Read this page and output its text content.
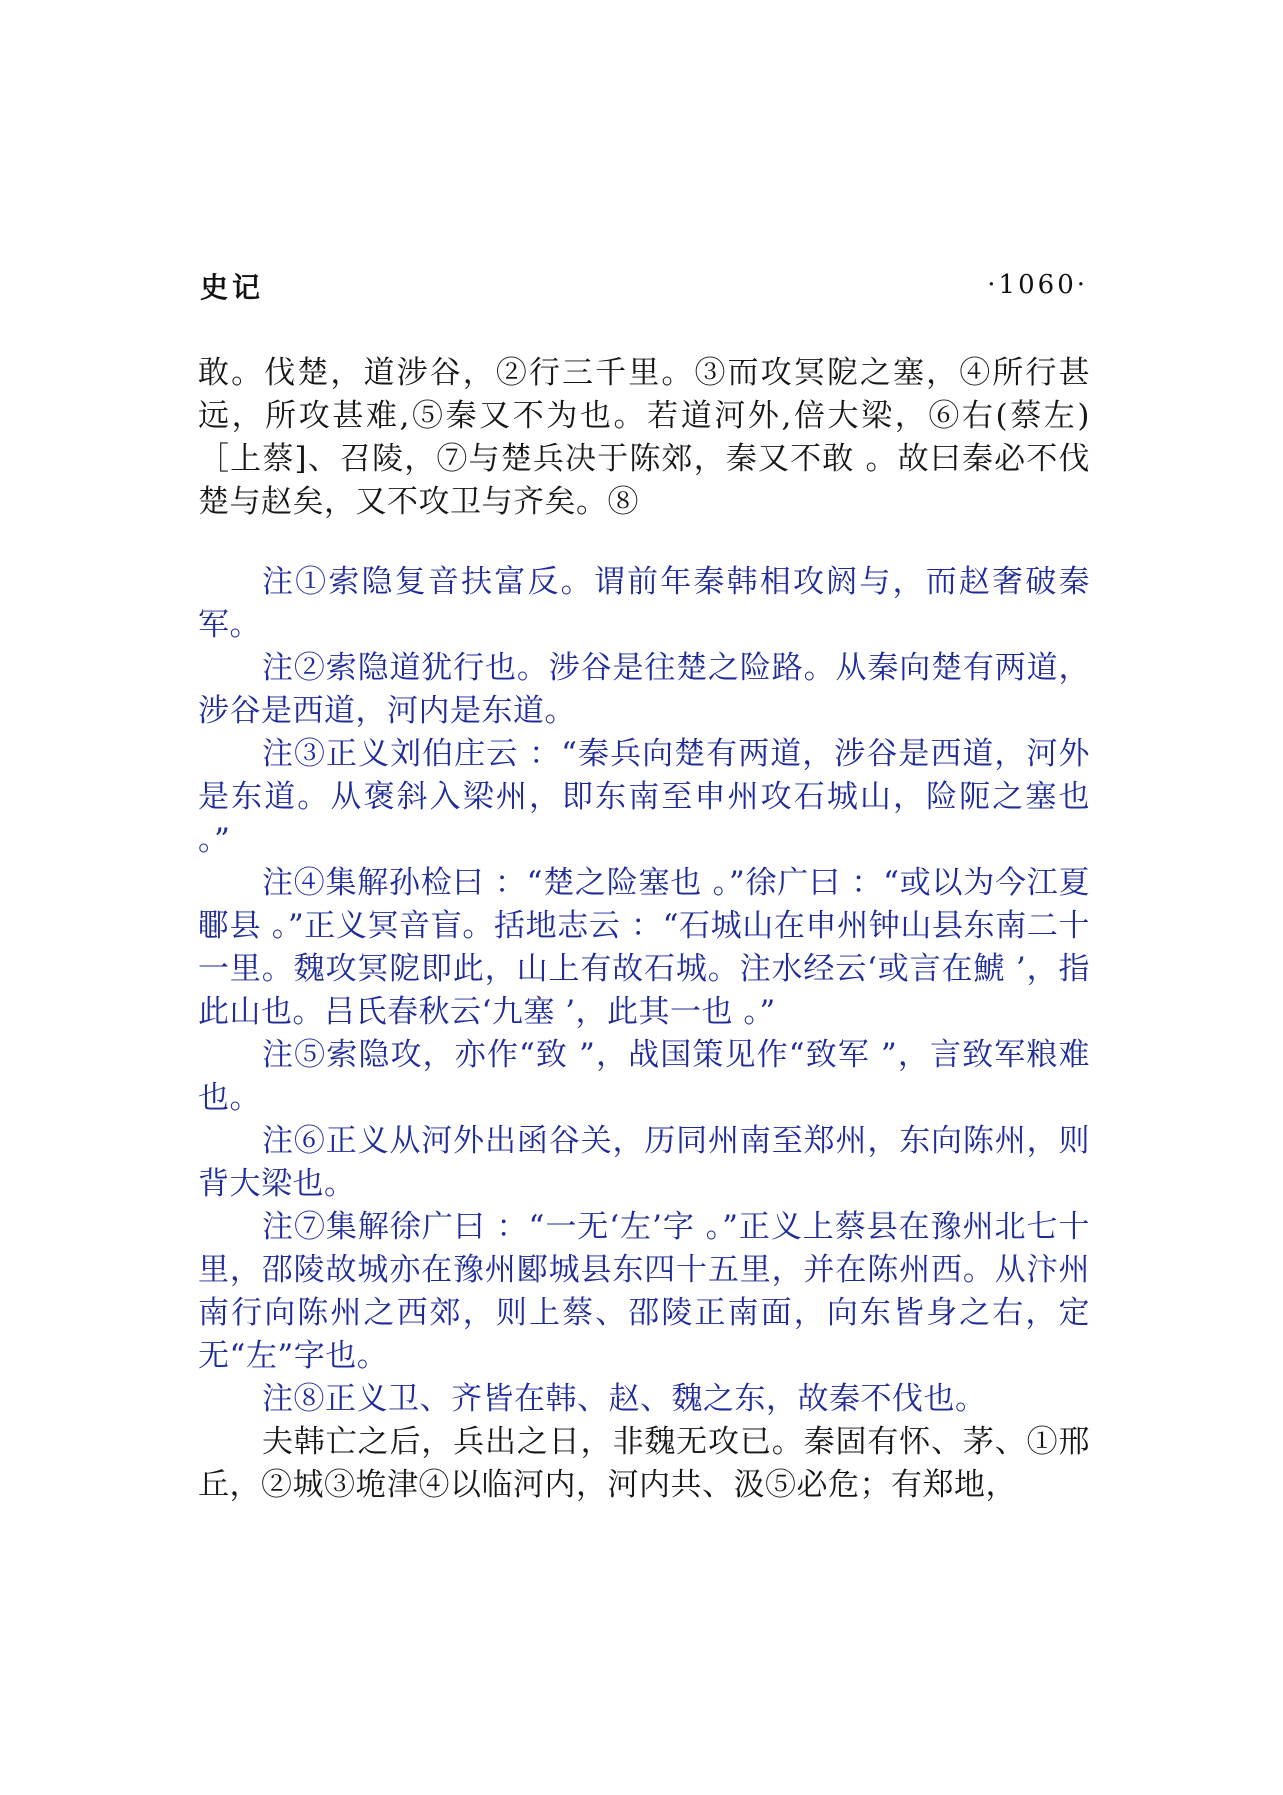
史记	·1060·

敢。伐楚，道涉谷，②行三千里。③而攻冥阸之塞，④所行甚远，所攻甚难,⑤秦又不为也。若道河外,倍大梁，⑥右(蔡左)［上蔡]、召陵，⑦与楚兵决于陈郊，秦又不敢 。故曰秦必不伐楚与赵矣，又不攻卫与齐矣。⑧

注①索隐复音扶富反。谓前年秦韩相攻阏与，而赵奢破秦军。

注②索隐道犹行也。涉谷是往楚之险路。从秦向楚有两道，涉谷是西道，河内是东道。

注③正义刘伯庄云 ：“秦兵向楚有两道，涉谷是西道，河外是东道。从褒斜入梁州，即东南至申州攻石城山，险阨之塞也 。”

注④集解孙检曰 ：“楚之险塞也 。”徐广曰 ：“或以为今江夏鄳县 。”正义冥音盲。括地志云 ：“石城山在申州钟山县东南二十一里。魏攻冥阸即此，山上有故石城。注水经云‘或言在鯱 ’，指此山也。吕氏春秋云‘九塞 ’，此其一也 。”

注⑤索隐攻，亦作“致 ”，战国策见作“致军 ”，言致军粮难也。

注⑥正义从河外出函谷关，历同州南至郑州，东向陈州，则背大梁也。

注⑦集解徐广曰 ：“一无‘左’字 。”正义上蔡县在豫州北七十里，邵陵故城亦在豫州郾城县东四十五里，并在陈州西。从汴州南行向陈州之西郊，则上蔡、邵陵正南面，向东皆身之右，定无“左”字也。

注⑧正义卫、齐皆在韩、赵、魏之东，故秦不伐也。

夫韩亡之后，兵出之日，非魏无攻已。秦固有怀、茅、①邢丘，②城③垝津④以临河内，河内共、汲⑤必危；有郑地，
